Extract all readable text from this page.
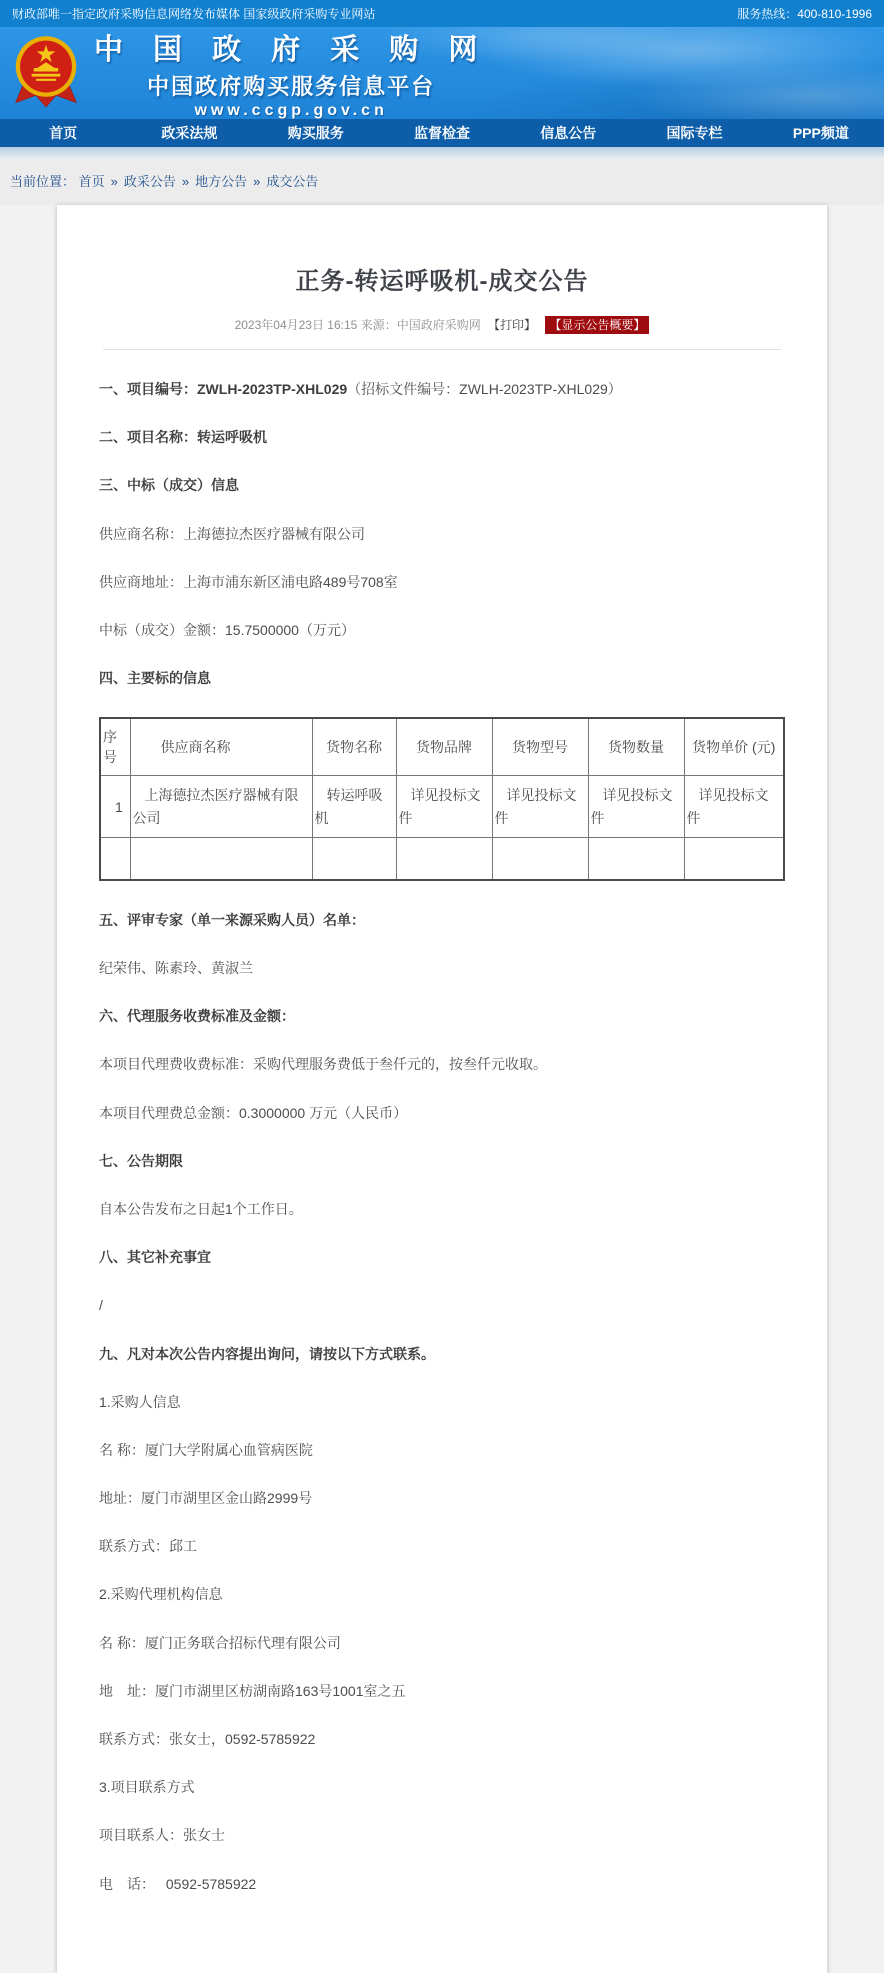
财政部唯一指定政府采购信息网络发布媒体 国家级政府采购专业网站	服务热线：400-810-1996
中 国 政 府 采 购 网
中国政府购买服务信息平台
www.ccgp.gov.cn
首页	政采法规	购买服务	监督检查	信息公告	国际专栏	PPP频道
当前位置： 首页 » 政采公告 » 地方公告 » 成交公告
正务-转运呼吸机-成交公告
2023年04月23日 16:15 来源：中国政府采购网 【打印】 【显示公告概要】
一、项目编号：ZWLH-2023TP-XHL029（招标文件编号：ZWLH-2023TP-XHL029）
二、项目名称：转运呼吸机
三、中标（成交）信息
供应商名称：上海德拉杰医疗器械有限公司
供应商地址：上海市浦东新区浦电路489号708室
中标（成交）金额：15.7500000（万元）
四、主要标的信息
序号	供应商名称	货物名称	货物品牌	货物型号	货物数量	货物单价 (元)
1	上海德拉杰医疗器械有限公司	转运呼吸机	详见投标文件	详见投标文件	详见投标文件	详见投标文件

五、评审专家（单一来源采购人员）名单：
纪荣伟、陈素玲、黄淑兰
六、代理服务收费标准及金额：
本项目代理费收费标准：采购代理服务费低于叁仟元的，按叁仟元收取。
本项目代理费总金额：0.3000000 万元（人民币）
七、公告期限
自本公告发布之日起1个工作日。
八、其它补充事宜
/
九、凡对本次公告内容提出询问，请按以下方式联系。
1.采购人信息
名 称：厦门大学附属心血管病医院
地址：厦门市湖里区金山路2999号
联系方式：邱工
2.采购代理机构信息
名 称：厦门正务联合招标代理有限公司
地　址：厦门市湖里区枋湖南路163号1001室之五
联系方式：张女士，0592-5785922
3.项目联系方式
项目联系人：张女士
电　话：　 0592-5785922
